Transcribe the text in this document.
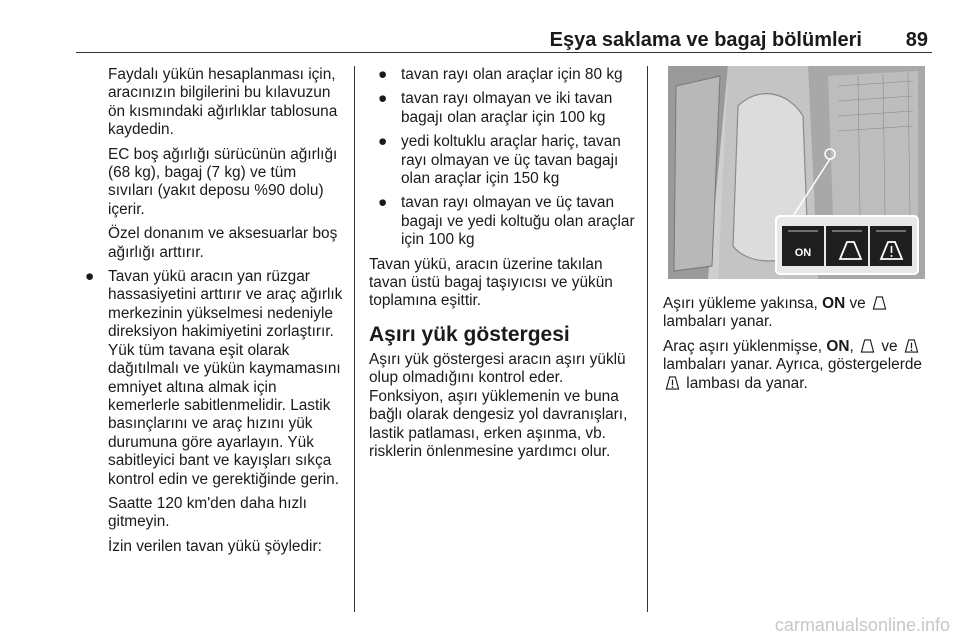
Eşya saklama ve bagaj bölümleri 89

Faydalı yükün hesaplanması için, aracınızın bilgilerini bu kılavuzun ön kısmındaki ağırlıklar tablosuna kaydedin.

EC boş ağırlığı sürücünün ağırlığı (68 kg), bagaj (7 kg) ve tüm sıvıları (yakıt deposu %90 dolu) içerir.

Özel donanım ve aksesuarlar boş ağırlığı arttırır.

● Tavan yükü aracın yan rüzgar hassasiyetini arttırır ve araç ağırlık merkezinin yükselmesi nedeniyle direksiyon hakimiyetini zorlaştırır. Yük tüm tavana eşit olarak dağıtılmalı ve yükün kaymamasını emniyet altına almak için kemerlerle sabitlenmelidir. Lastik basınçlarını ve araç hızını yük durumuna göre ayarlayın. Yük sabitleyici bant ve kayışları sıkça kontrol edin ve gerektiğinde gerin.

Saatte 120 km'den daha hızlı gitmeyin.

İzin verilen tavan yükü şöyledir:

● tavan rayı olan araçlar için 80 kg
● tavan rayı olmayan ve iki tavan bagajı olan araçlar için 100 kg
● yedi koltuklu araçlar hariç, tavan rayı olmayan ve üç tavan bagajı olan araçlar için 150 kg
● tavan rayı olmayan ve üç tavan bagajı ve yedi koltuğu olan araçlar için 100 kg

Tavan yükü, aracın üzerine takılan tavan üstü bagaj taşıyıcısı ve yükün toplamına eşittir.

Aşırı yük göstergesi

Aşırı yük göstergesi aracın aşırı yüklü olup olmadığını kontrol eder. Fonksiyon, aşırı yüklemenin ve buna bağlı olarak dengesiz yol davranışları, lastik patlaması, erken aşınma, vb. risklerin önlenmesine yardımcı olur.

ON

Aşırı yükleme yakınsa, ON ve  lambaları yanar.

Araç aşırı yüklenmişse, ON, ve  lambaları yanar. Ayrıca, göstergelerde  lambası da yanar.

carmanualsonline.info
